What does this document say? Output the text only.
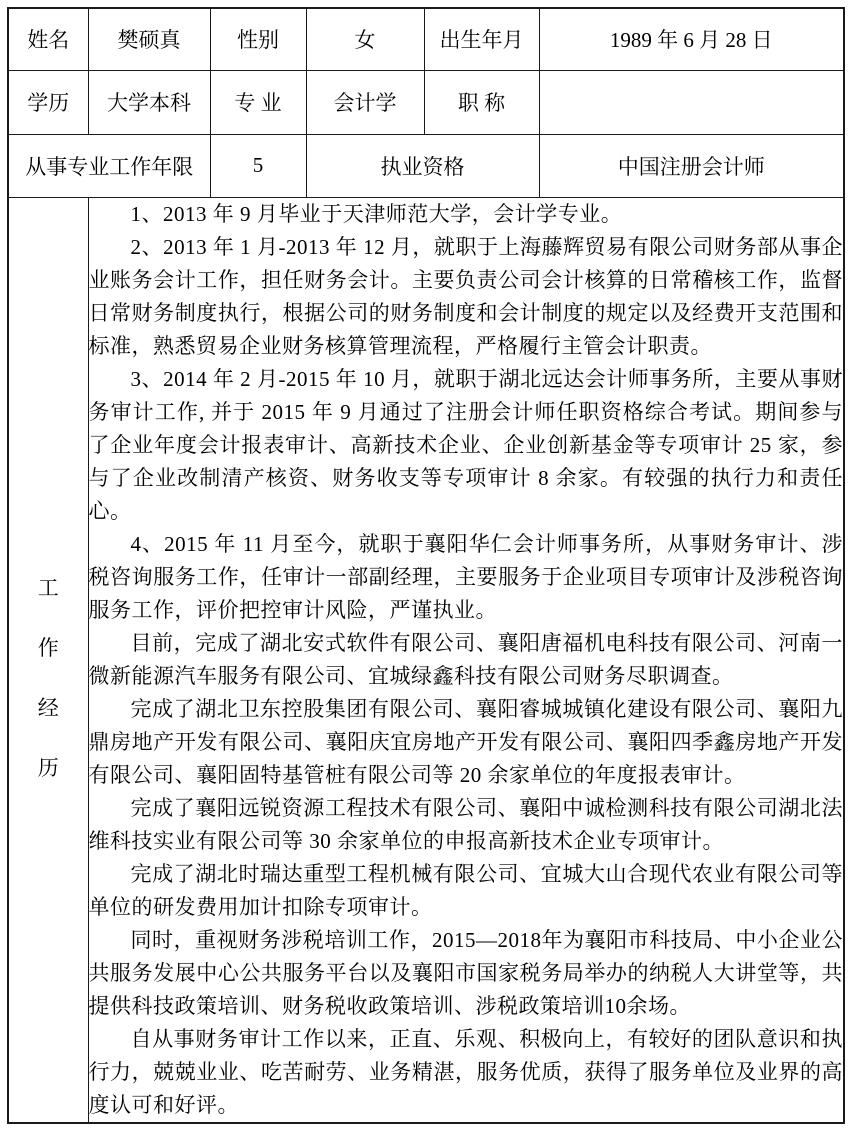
姓名	樊硕真	性别	女	出生年月	1989 年 6 月 28 日
学历	大学本科	专 业	会计学	职 称	
从事专业工作年限		5	执业资格		中国注册会计师

工
作
经
历

1、2013 年 9 月毕业于天津师范大学，会计学专业。

2、2013 年 1 月-2013 年 12 月，就职于上海藤辉贸易有限公司财务部从事企业账务会计工作，担任财务会计。主要负责公司会计核算的日常稽核工作，监督日常财务制度执行，根据公司的财务制度和会计制度的规定以及经费开支范围和标准，熟悉贸易企业财务核算管理流程，严格履行主管会计职责。

3、2014 年 2 月-2015 年 10 月，就职于湖北远达会计师事务所，主要从事财务审计工作, 并于 2015 年 9 月通过了注册会计师任职资格综合考试。期间参与了企业年度会计报表审计、高新技术企业、企业创新基金等专项审计 25 家，参与了企业改制清产核资、财务收支等专项审计 8 余家。有较强的执行力和责任心。

4、2015 年 11 月至今，就职于襄阳华仁会计师事务所，从事财务审计、涉税咨询服务工作，任审计一部副经理，主要服务于企业项目专项审计及涉税咨询服务工作，评价把控审计风险，严谨执业。

目前，完成了湖北安式软件有限公司、襄阳唐福机电科技有限公司、河南一微新能源汽车服务有限公司、宜城绿鑫科技有限公司财务尽职调查。

完成了湖北卫东控股集团有限公司、襄阳睿城城镇化建设有限公司、襄阳九鼎房地产开发有限公司、襄阳庆宜房地产开发有限公司、襄阳四季鑫房地产开发有限公司、襄阳固特基管桩有限公司等 20 余家单位的年度报表审计。

完成了襄阳远锐资源工程技术有限公司、襄阳中诚检测科技有限公司湖北法维科技实业有限公司等 30 余家单位的申报高新技术企业专项审计。

完成了湖北时瑞达重型工程机械有限公司、宜城大山合现代农业有限公司等单位的研发费用加计扣除专项审计。

同时，重视财务涉税培训工作，2015—2018年为襄阳市科技局、中小企业公共服务发展中心公共服务平台以及襄阳市国家税务局举办的纳税人大讲堂等，共提供科技政策培训、财务税收政策培训、涉税政策培训10余场。

自从事财务审计工作以来，正直、乐观、积极向上，有较好的团队意识和执行力，兢兢业业、吃苦耐劳、业务精湛，服务优质，获得了服务单位及业界的高度认可和好评。
